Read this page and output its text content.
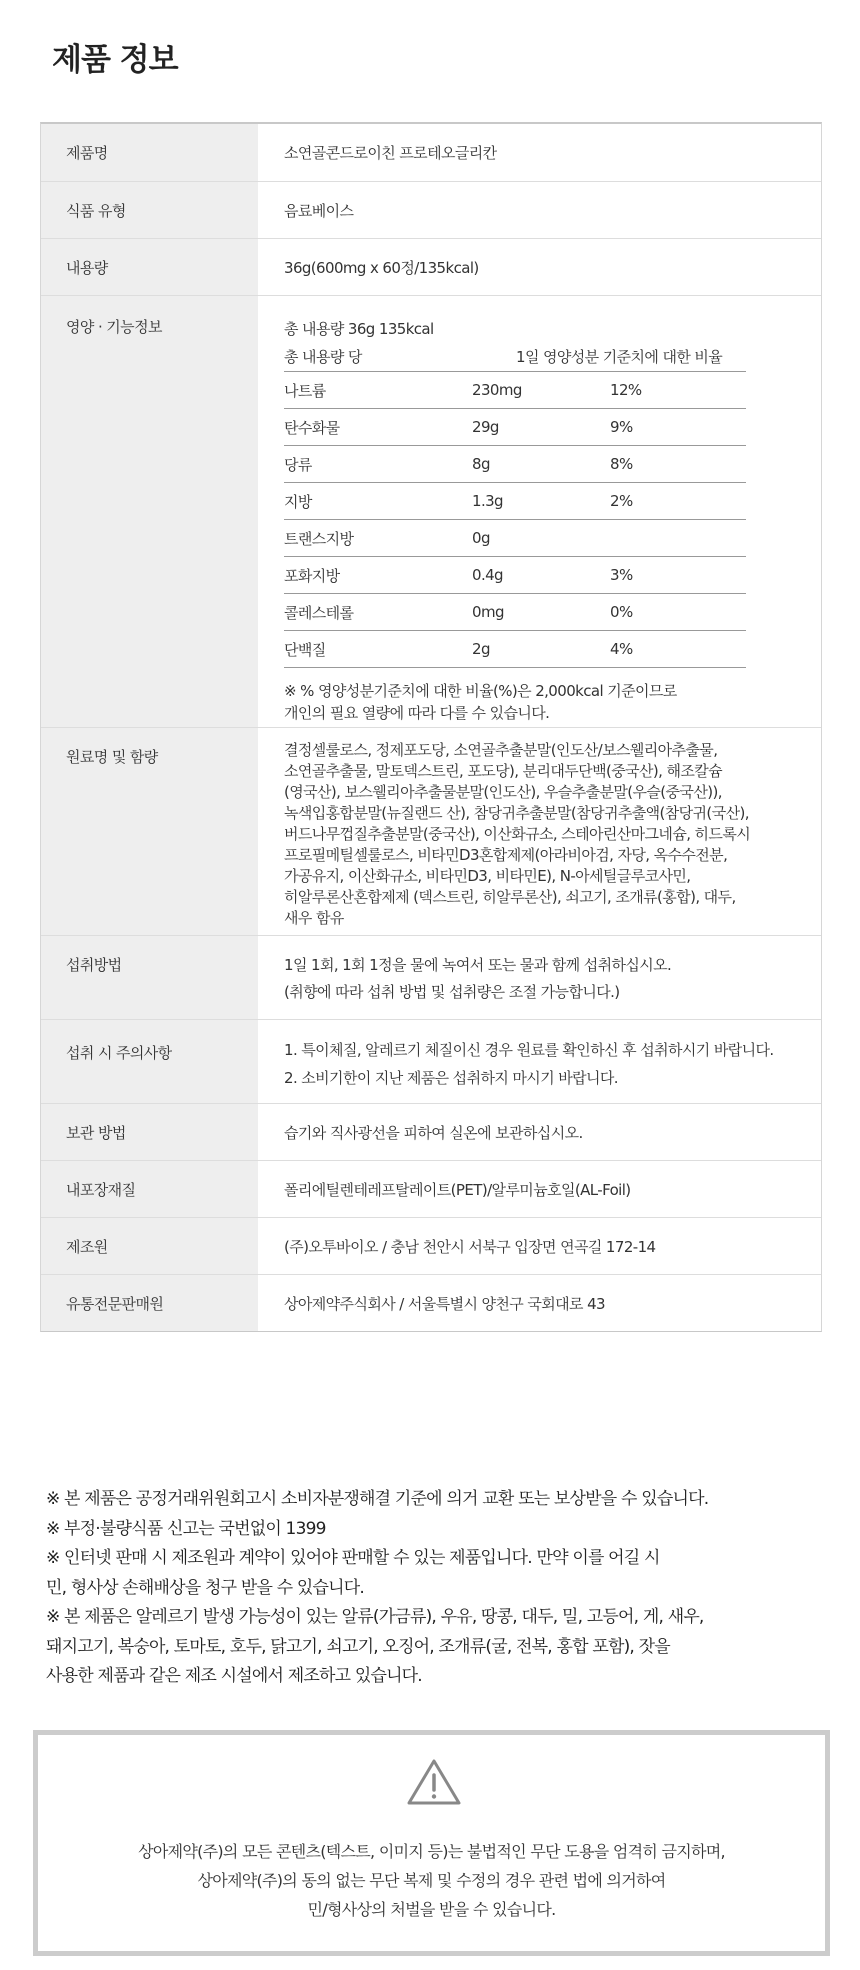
제품 정보
제품명	소연골콘드로이친 프로테오글리칸
식품 유형	음료베이스
내용량	36g(600mg x 60정/135kcal)
영양 · 기능정보	총 내용량 36g 135kcal
총 내용량 당	1일 영양성분 기준치에 대한 비율
나트륨	230mg	12%
탄수화물	29g	9%
당류	8g	8%
지방	1.3g	2%
트랜스지방	0g
포화지방	0.4g	3%
콜레스테롤	0mg	0%
단백질	2g	4%
※ % 영양성분기준치에 대한 비율(%)은 2,000kcal 기준이므로
개인의 필요 열량에 따라 다를 수 있습니다.
원료명 및 함량	결정셀룰로스, 정제포도당, 소연골추출분말(인도산/보스웰리아추출물,
소연골추출물, 말토덱스트린, 포도당), 분리대두단백(중국산), 해조칼슘
(영국산), 보스웰리아추출물분말(인도산), 우슬추출분말(우슬(중국산)),
녹색입홍합분말(뉴질랜드 산), 참당귀추출분말(참당귀추출액(참당귀(국산),
버드나무껍질추출분말(중국산), 이산화규소, 스테아린산마그네슘, 히드록시
프로필메틸셀룰로스, 비타민D3혼합제제(아라비아검, 자당, 옥수수전분,
가공유지, 이산화규소, 비타민D3, 비타민E), N-아세틸글루코사민,
히알루론산혼합제제 (덱스트린, 히알루론산), 쇠고기, 조개류(홍합), 대두,
새우 함유
섭취방법	1일 1회, 1회 1정을 물에 녹여서 또는 물과 함께 섭취하십시오.
(취향에 따라 섭취 방법 및 섭취량은 조절 가능합니다.)
섭취 시 주의사항	1. 특이체질, 알레르기 체질이신 경우 원료를 확인하신 후 섭취하시기 바랍니다.
2. 소비기한이 지난 제품은 섭취하지 마시기 바랍니다.
보관 방법	습기와 직사광선을 피하여 실온에 보관하십시오.
내포장재질	폴리에틸렌테레프탈레이트(PET)/알루미늄호일(AL-Foil)
제조원	(주)오투바이오 / 충남 천안시 서북구 입장면 연곡길 172-14
유통전문판매원	상아제약주식회사 / 서울특별시 양천구 국회대로 43
※ 본 제품은 공정거래위원회고시 소비자분쟁해결 기준에 의거 교환 또는 보상받을 수 있습니다.
※ 부정·불량식품 신고는 국번없이 1399
※ 인터넷 판매 시 제조원과 계약이 있어야 판매할 수 있는 제품입니다. 만약 이를 어길 시
민, 형사상 손해배상을 청구 받을 수 있습니다.
※ 본 제품은 알레르기 발생 가능성이 있는 알류(가금류), 우유, 땅콩, 대두, 밀, 고등어, 게, 새우,
돼지고기, 복숭아, 토마토, 호두, 닭고기, 쇠고기, 오징어, 조개류(굴, 전복, 홍합 포함), 잣을
사용한 제품과 같은 제조 시설에서 제조하고 있습니다.
상아제약(주)의 모든 콘텐츠(텍스트, 이미지 등)는 불법적인 무단 도용을 엄격히 금지하며,
상아제약(주)의 동의 없는 무단 복제 및 수정의 경우 관련 법에 의거하여
민/형사상의 처벌을 받을 수 있습니다.
